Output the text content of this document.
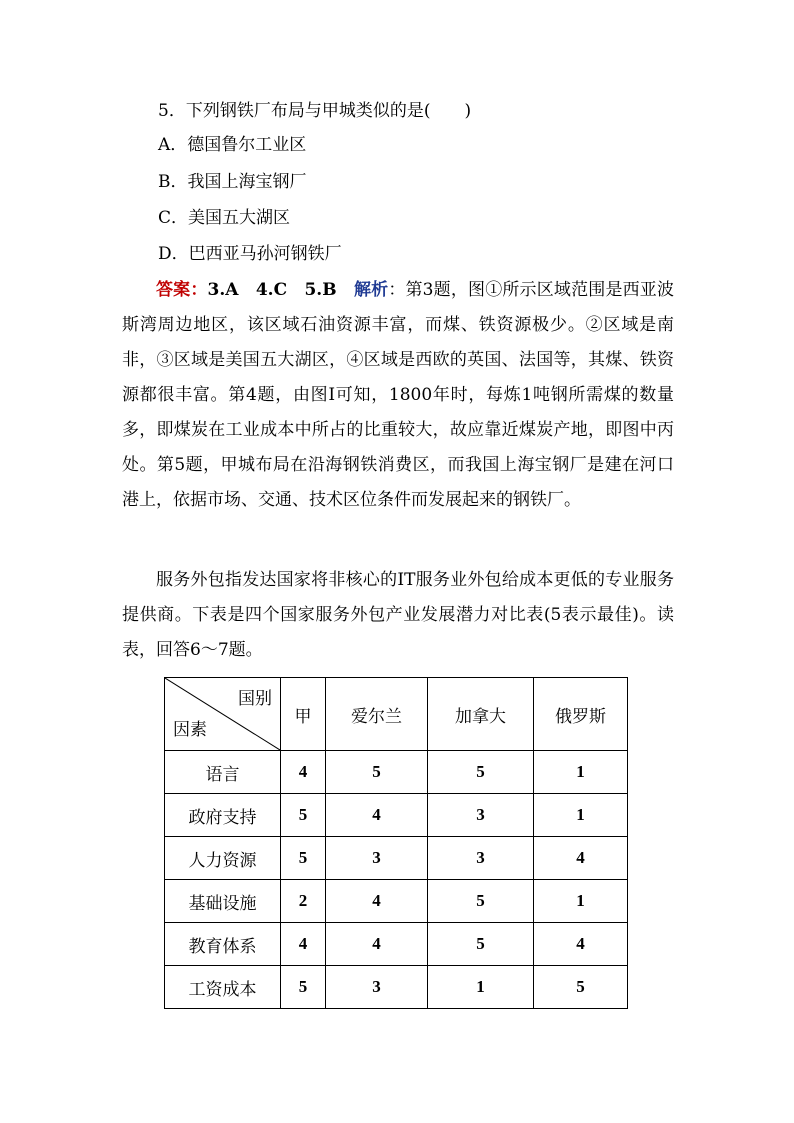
5．下列钢铁厂布局与甲城类似的是(　　)
A．德国鲁尔工业区
B．我国上海宝钢厂
C．美国五大湖区
D．巴西亚马孙河钢铁厂
答案：3.A　4.C　5.B　 解析：第3题，图①所示区域范围是西亚波斯湾周边地区，该区域石油资源丰富，而煤、铁资源极少。②区域是南非，③区域是美国五大湖区，④区域是西欧的英国、法国等，其煤、铁资源都很丰富。第4题，由图Ⅰ可知，1800年时，每炼1吨钢所需煤的数量多，即煤炭在工业成本中所占的比重较大，故应靠近煤炭产地，即图中丙处。第5题，甲城布局在沿海钢铁消费区，而我国上海宝钢厂是建在河口港上，依据市场、交通、技术区位条件而发展起来的钢铁厂。
服务外包指发达国家将非核心的IT服务业外包给成本更低的专业服务提供商。下表是四个国家服务外包产业发展潜力对比表(5表示最佳)。读表，回答6～7题。
国别
因素	甲	爱尔兰	加拿大	俄罗斯
语言	4	5	5	1
政府支持	5	4	3	1
人力资源	5	3	3	4
基础设施	2	4	5	1
教育体系	4	4	5	4
工资成本	5	3	1	5
